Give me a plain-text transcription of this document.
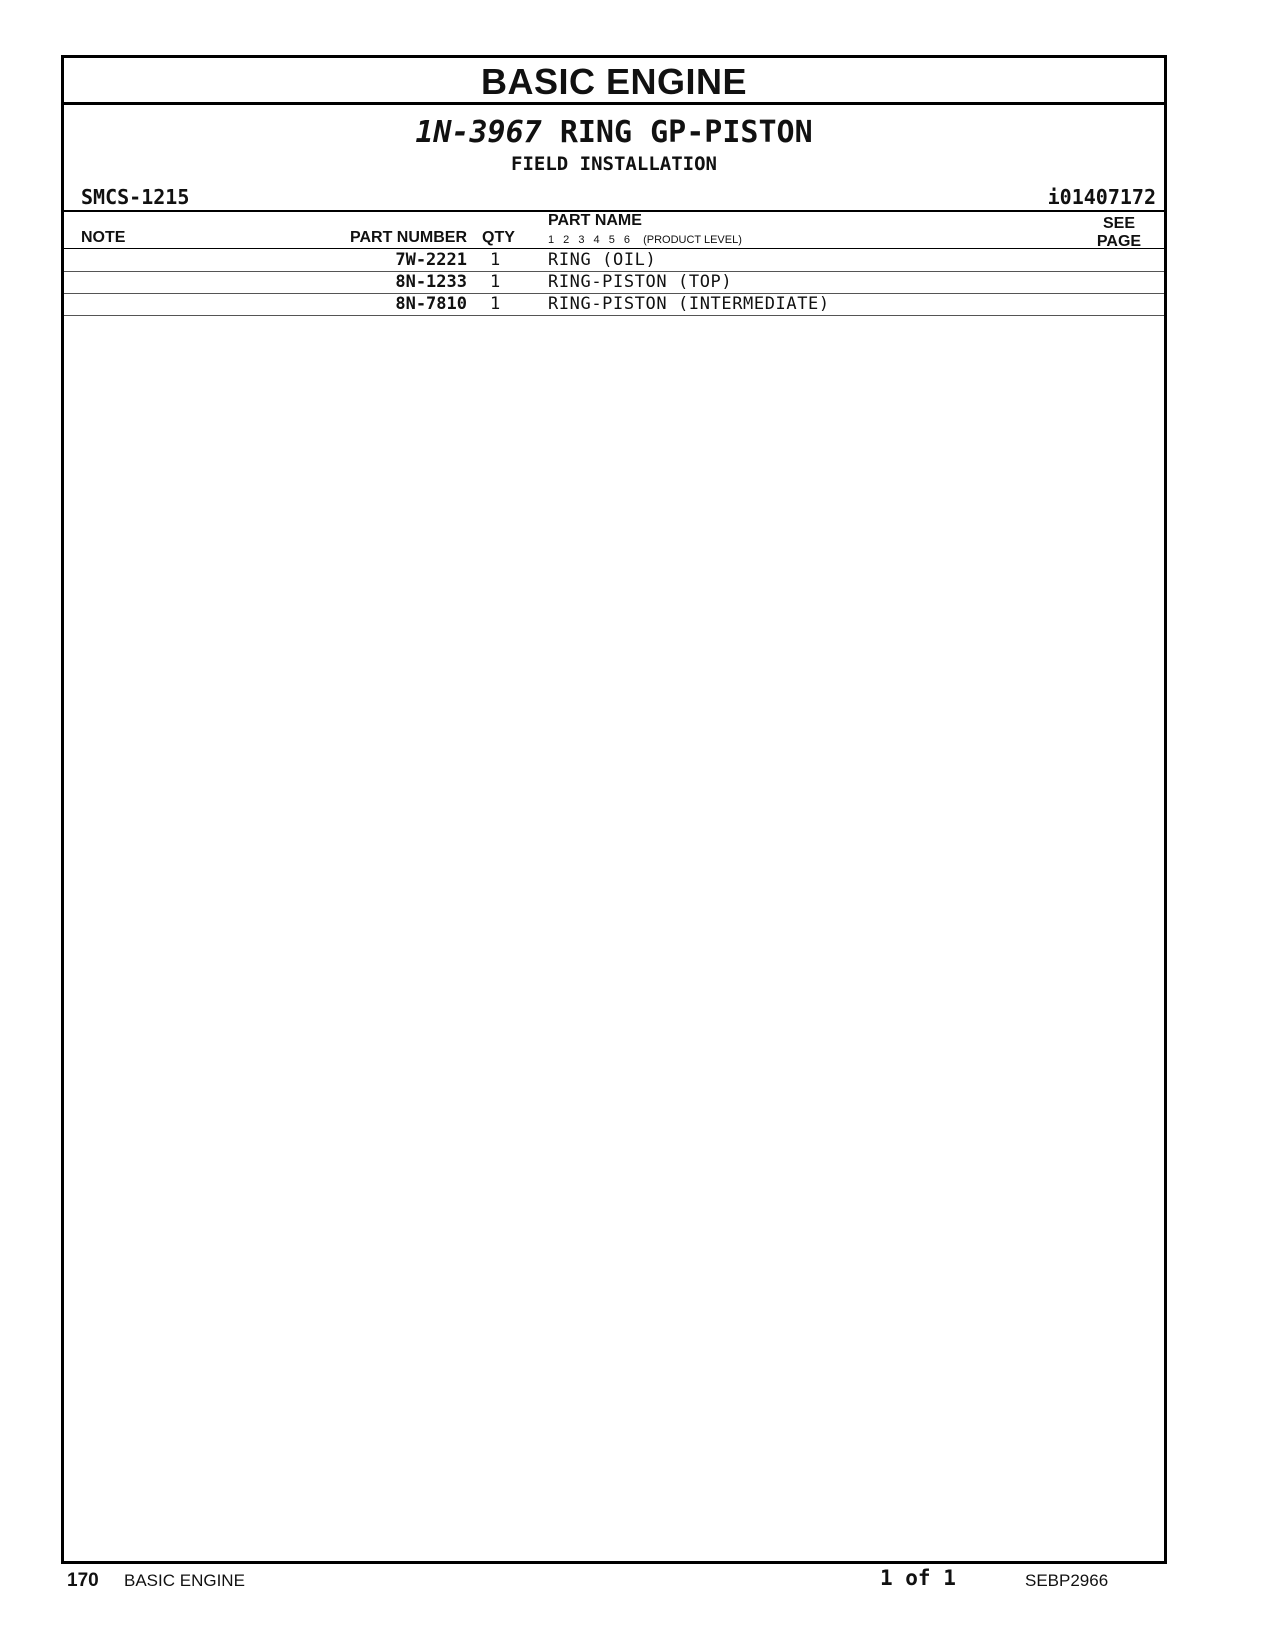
BASIC ENGINE
1N-3967 RING GP-PISTON
FIELD INSTALLATION
SMCS-1215	i01407172
NOTE	PART NUMBER QTY
PART NAME
1 2 3 4 5 6 (PRODUCT LEVEL)
SEE
PAGE
7W-2221 1	RING (OIL)
8N-1233 1	RING-PISTON (TOP)
8N-7810 1	RING-PISTON (INTERMEDIATE)
170 BASIC ENGINE	1 of 1	SEBP2966
